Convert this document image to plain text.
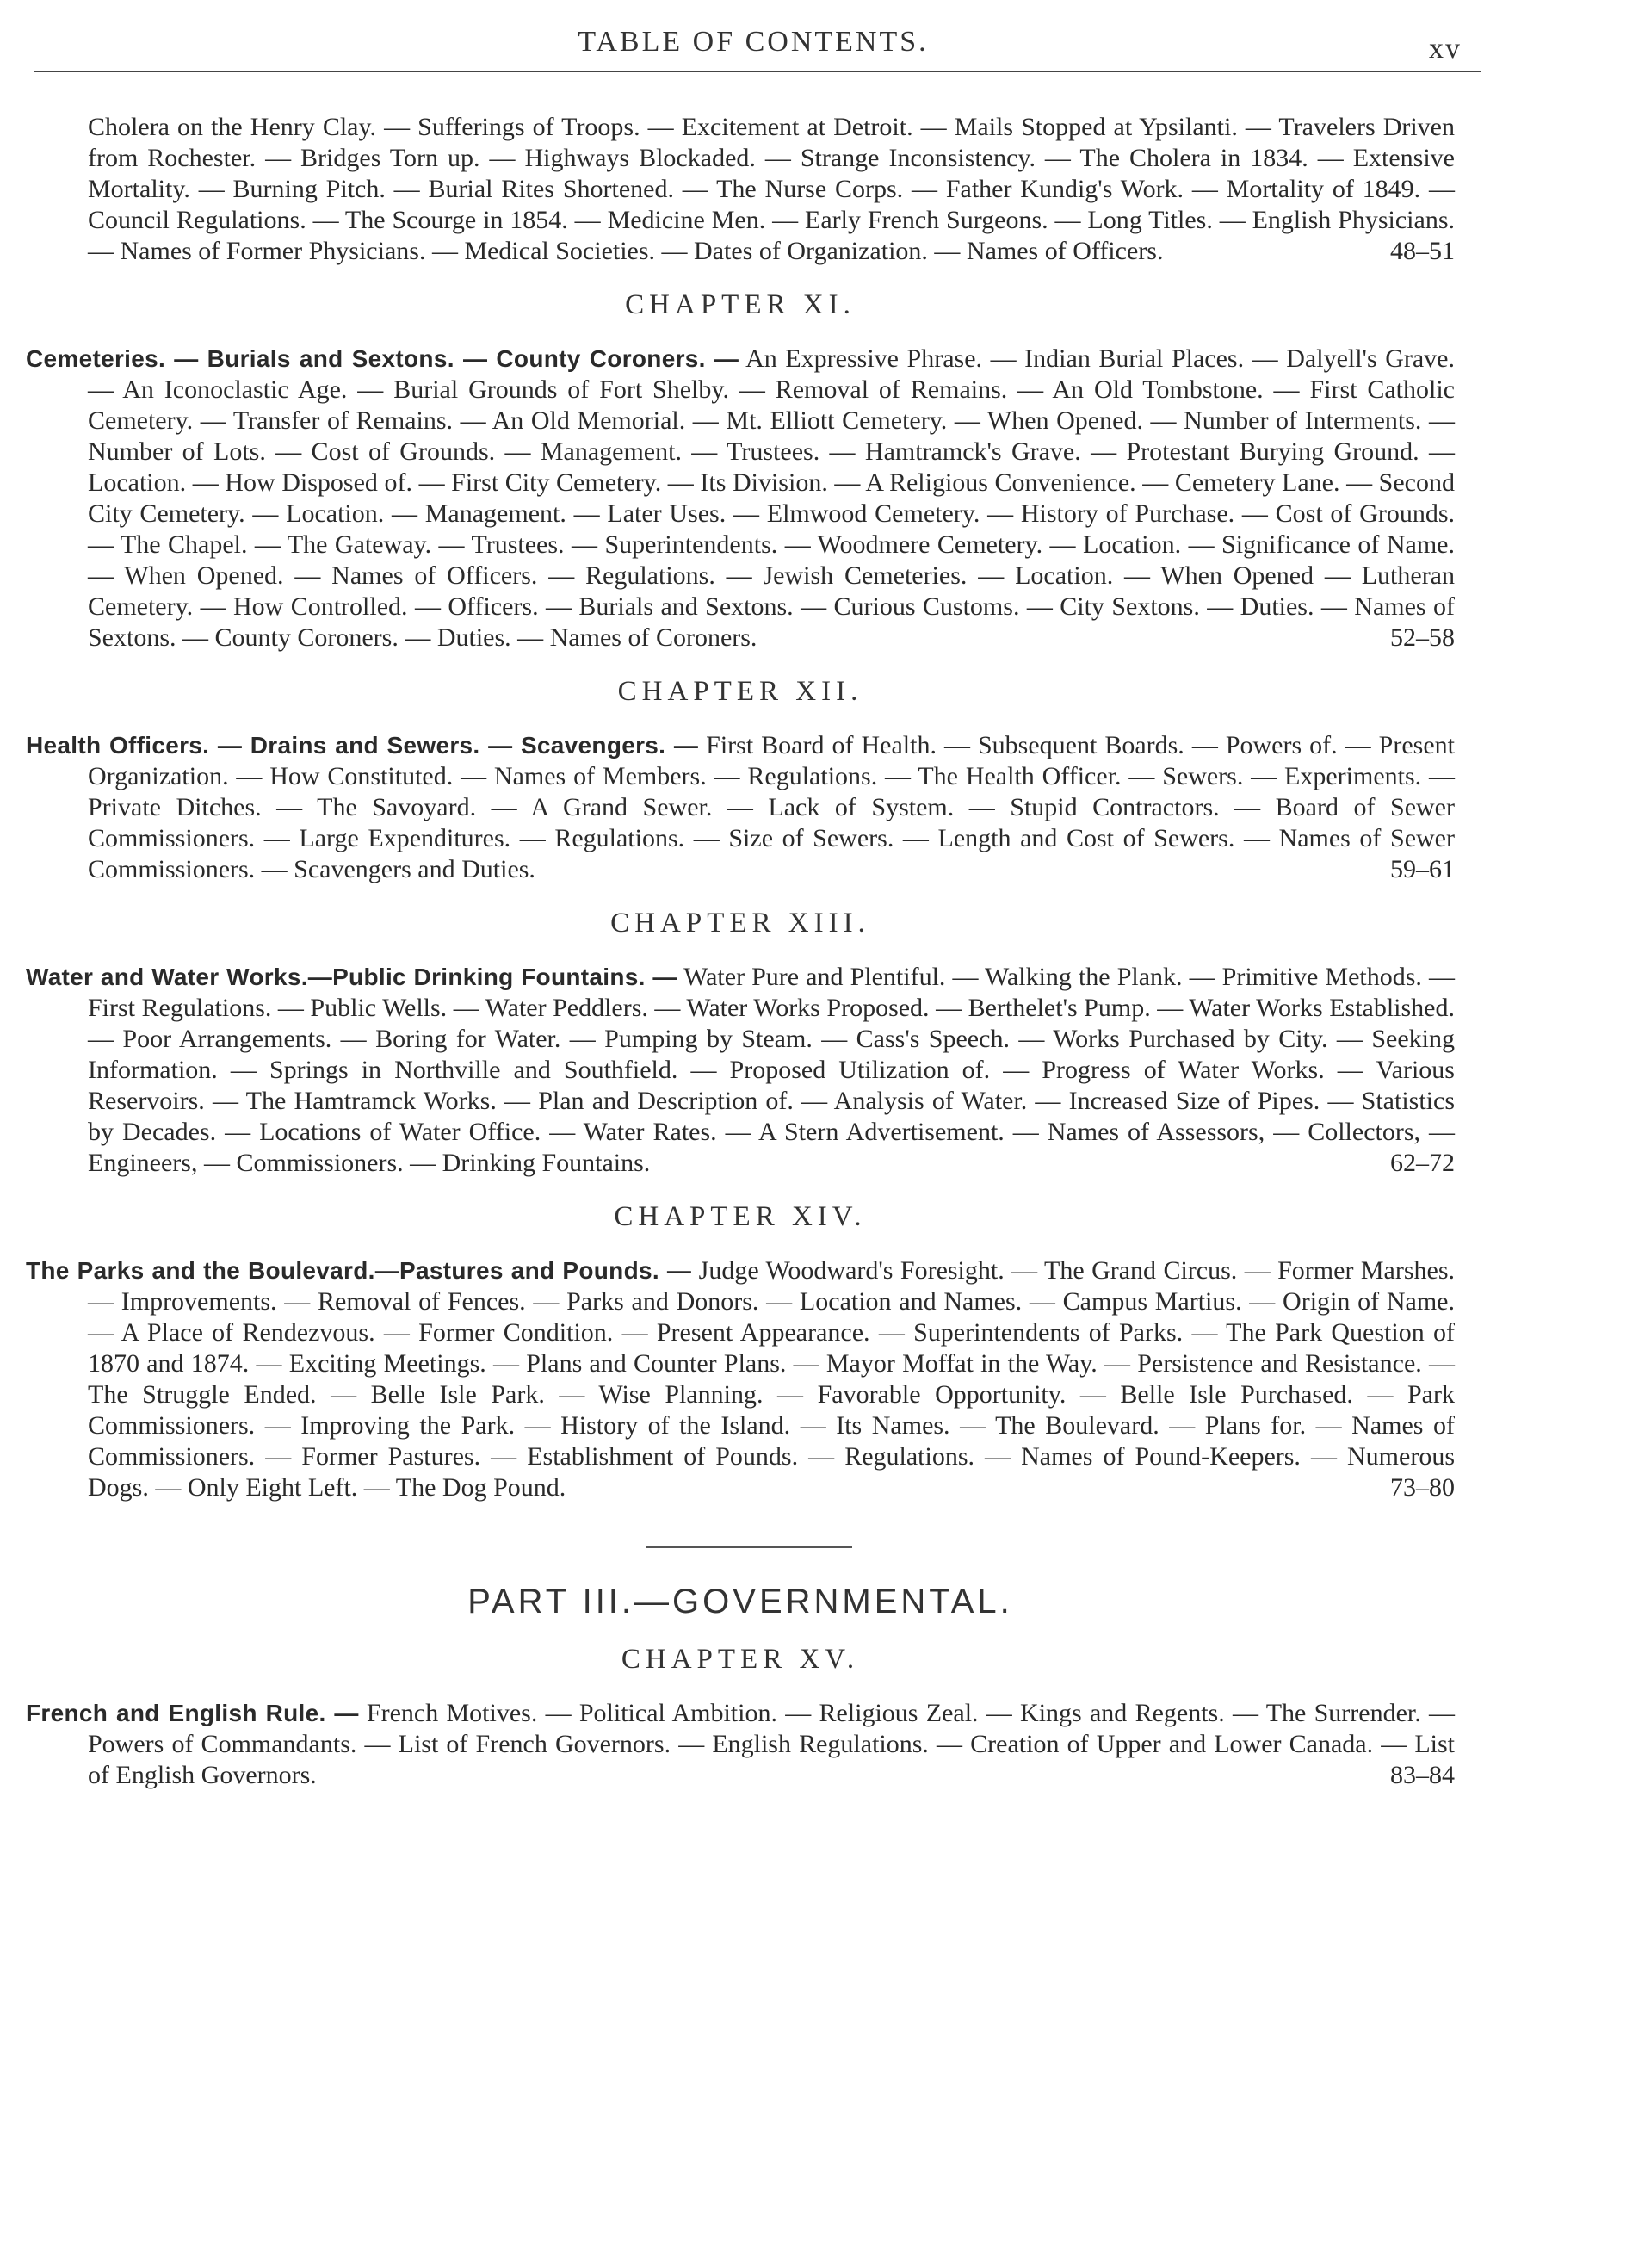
TABLE OF CONTENTS.	xv

Cholera on the Henry Clay. — Sufferings of Troops. — Excitement at Detroit. — Mails Stopped at Ypsilanti. — Travelers Driven from Rochester. — Bridges Torn up. — Highways Blockaded. — Strange Inconsistency. — The Cholera in 1834. — Extensive Mortality. — Burning Pitch. — Burial Rites Shortened. — The Nurse Corps. — Father Kundig's Work. — Mortality of 1849. — Council Regulations. — The Scourge in 1854. — Medicine Men. — Early French Surgeons. — Long Titles. — English Physicians. — Names of Former Physicians. — Medical Societies. — Dates of Organization. — Names of Officers.	48–51

CHAPTER XI.

Cemeteries. — Burials and Sextons. — County Coroners. — An Expressive Phrase. — Indian Burial Places. — Dalyell's Grave. — An Iconoclastic Age. — Burial Grounds of Fort Shelby. — Removal of Remains. — An Old Tombstone. — First Catholic Cemetery. — Transfer of Remains. — An Old Memorial. — Mt. Elliott Cemetery. — When Opened. — Number of Interments. — Number of Lots. — Cost of Grounds. — Management. — Trustees. — Hamtramck's Grave. — Protestant Burying Ground. — Location. — How Disposed of. — First City Cemetery. — Its Division. — A Religious Convenience. — Cemetery Lane. — Second City Cemetery. — Location. — Management. — Later Uses. — Elmwood Cemetery. — History of Purchase. — Cost of Grounds. — The Chapel. — The Gateway. — Trustees. — Superintendents. — Woodmere Cemetery. — Location. — Significance of Name. — When Opened. — Names of Officers. — Regulations. — Jewish Cemeteries. — Location. — When Opened — Lutheran Cemetery. — How Controlled. — Officers. — Burials and Sextons. — Curious Customs. — City Sextons. — Duties. — Names of Sextons. — County Coroners. — Duties. — Names of Coroners.	52–58

CHAPTER XII.

Health Officers. — Drains and Sewers. — Scavengers. — First Board of Health. — Subsequent Boards. — Powers of. — Present Organization. — How Constituted. — Names of Members. — Regulations. — The Health Officer. — Sewers. — Experiments. — Private Ditches. — The Savoyard. — A Grand Sewer. — Lack of System. — Stupid Contractors. — Board of Sewer Commissioners. — Large Expenditures. — Regulations. — Size of Sewers. — Length and Cost of Sewers. — Names of Sewer Commissioners. — Scavengers and Duties.	59–61

CHAPTER XIII.

Water and Water Works.—Public Drinking Fountains. — Water Pure and Plentiful. — Walking the Plank. — Primitive Methods. — First Regulations. — Public Wells. — Water Peddlers. — Water Works Proposed. — Berthelet's Pump. — Water Works Established. — Poor Arrangements. — Boring for Water. — Pumping by Steam. — Cass's Speech. — Works Purchased by City. — Seeking Information. — Springs in Northville and Southfield. — Proposed Utilization of. — Progress of Water Works. — Various Reservoirs. — The Hamtramck Works. — Plan and Description of. — Analysis of Water. — Increased Size of Pipes. — Statistics by Decades. — Locations of Water Office. — Water Rates. — A Stern Advertisement. — Names of Assessors, — Collectors, — Engineers, — Commissioners. — Drinking Fountains.	62–72

CHAPTER XIV.

The Parks and the Boulevard.—Pastures and Pounds. — Judge Woodward's Foresight. — The Grand Circus. — Former Marshes. — Improvements. — Removal of Fences. — Parks and Donors. — Location and Names. — Campus Martius. — Origin of Name. — A Place of Rendezvous. — Former Condition. — Present Appearance. — Superintendents of Parks. — The Park Question of 1870 and 1874. — Exciting Meetings. — Plans and Counter Plans. — Mayor Moffat in the Way. — Persistence and Resistance. — The Struggle Ended. — Belle Isle Park. — Wise Planning. — Favorable Opportunity. — Belle Isle Purchased. — Park Commissioners. — Improving the Park. — History of the Island. — Its Names. — The Boulevard. — Plans for. — Names of Commissioners. — Former Pastures. — Establishment of Pounds. — Regulations. — Names of Pound-Keepers. — Numerous Dogs. — Only Eight Left. — The Dog Pound.	73–80

PART III.—GOVERNMENTAL.
CHAPTER XV.

French and English Rule. — French Motives. — Political Ambition. — Religious Zeal. — Kings and Regents. — The Surrender. — Powers of Commandants. — List of French Governors. — English Regulations. — Creation of Upper and Lower Canada. — List of English Governors.	83–84
